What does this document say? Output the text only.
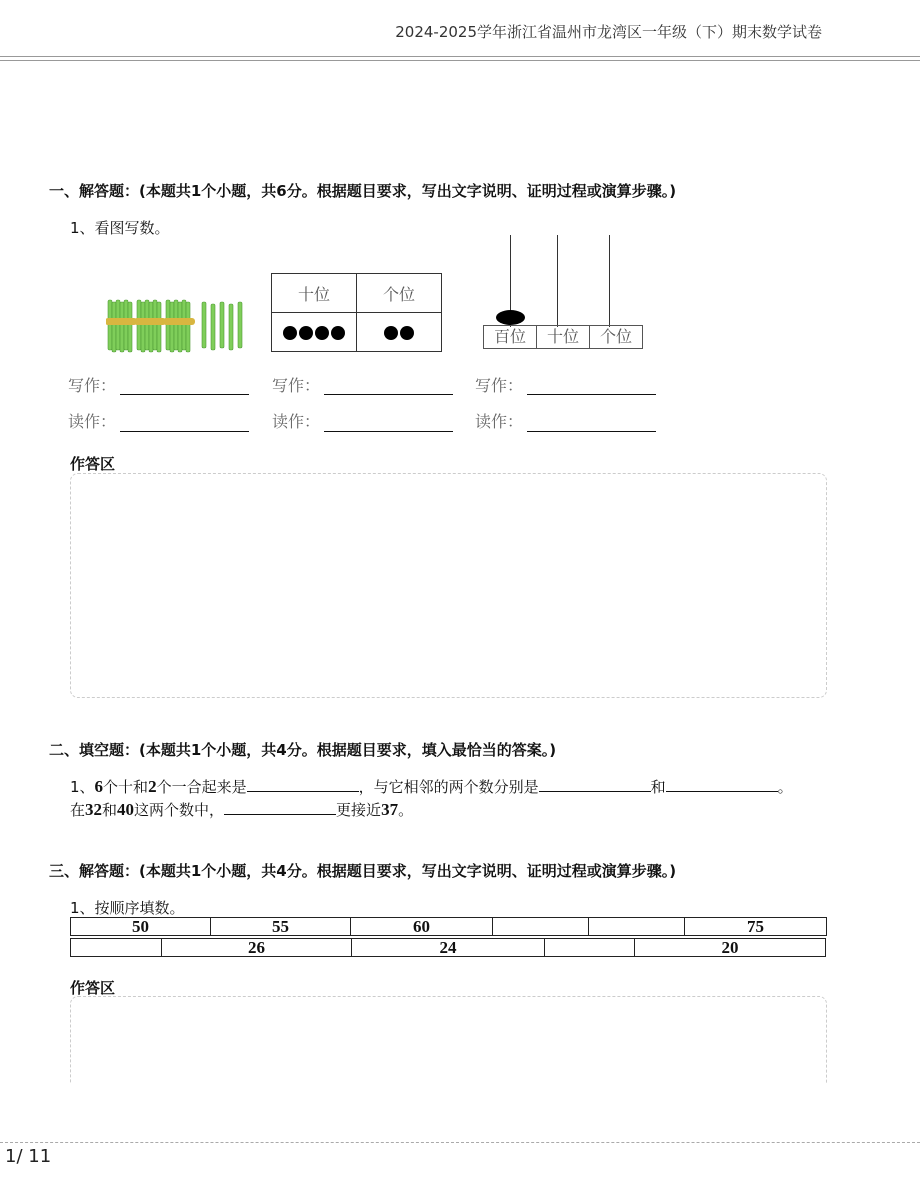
2024-2025学年浙江省温州市龙湾区一年级（下）期末数学试卷
一、解答题：(本题共1个小题，共6分。根据题目要求，写出文字说明、证明过程或演算步骤。)
1、看图写数。
十位	个位

百位	十位	个位
写作：	写作：	写作：
读作：	读作：	读作：
作答区
二、填空题：(本题共1个小题，共4分。根据题目要求，填入最恰当的答案。)
1、6个十和2个一合起来是	，与它相邻的两个数分别是	和	。
在32和40这两个数中，	更接近37。
三、解答题：(本题共1个小题，共4分。根据题目要求，写出文字说明、证明过程或演算步骤。)
1、按顺序填数。
50	55	60			75
	26	24		20
作答区
1/ 11
